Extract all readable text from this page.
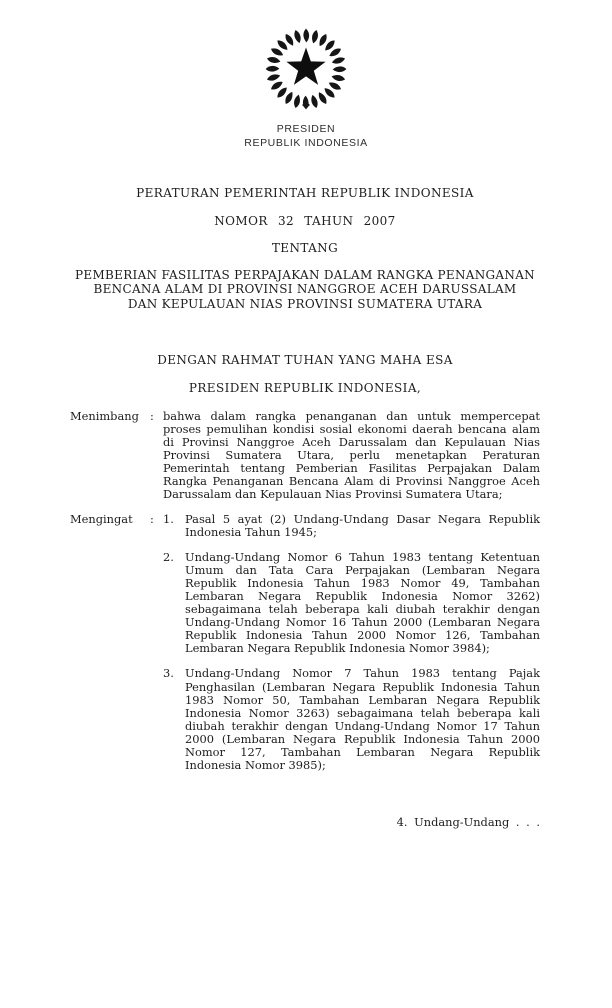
PRESIDEN
REPUBLIK INDONESIA
PERATURAN PEMERINTAH REPUBLIK INDONESIA
NOMOR 32 TAHUN 2007
TENTANG
PEMBERIAN FASILITAS PERPAJAKAN DALAM RANGKA PENANGANAN
BENCANA ALAM DI PROVINSI NANGGROE ACEH DARUSSALAM
DAN KEPULAUAN NIAS PROVINSI SUMATERA UTARA
DENGAN RAHMAT TUHAN YANG MAHA ESA
PRESIDEN REPUBLIK INDONESIA,
Menimbang : bahwa dalam rangka penanganan dan untuk mempercepat proses pemulihan kondisi sosial ekonomi daerah bencana alam di Provinsi Nanggroe Aceh Darussalam dan Kepulauan Nias Provinsi Sumatera Utara, perlu menetapkan Peraturan Pemerintah tentang Pemberian Fasilitas Perpajakan Dalam Rangka Penanganan Bencana Alam di Provinsi Nanggroe Aceh Darussalam dan Kepulauan Nias Provinsi Sumatera Utara;
Mengingat	: 1. Pasal 5 ayat (2) Undang-Undang Dasar Negara Republik Indonesia Tahun 1945;
2. Undang-Undang Nomor 6 Tahun 1983 tentang Ketentuan Umum dan Tata Cara Perpajakan (Lembaran Negara Republik Indonesia Tahun 1983 Nomor 49, Tambahan Lembaran Negara Republik Indonesia Nomor 3262) sebagaimana telah beberapa kali diubah terakhir dengan Undang-Undang Nomor 16 Tahun 2000 (Lembaran Negara Republik Indonesia Tahun 2000 Nomor 126, Tambahan Lembaran Negara Republik Indonesia Nomor 3984);
3. Undang-Undang Nomor 7 Tahun 1983 tentang Pajak Penghasilan (Lembaran Negara Republik Indonesia Tahun 1983 Nomor 50, Tambahan Lembaran Negara Republik Indonesia Nomor 3263) sebagaimana telah beberapa kali diubah terakhir dengan Undang-Undang Nomor 17 Tahun 2000 (Lembaran Negara Republik Indonesia Tahun 2000 Nomor 127, Tambahan Lembaran Negara Republik Indonesia Nomor 3985);
4. Undang-Undang . . .
